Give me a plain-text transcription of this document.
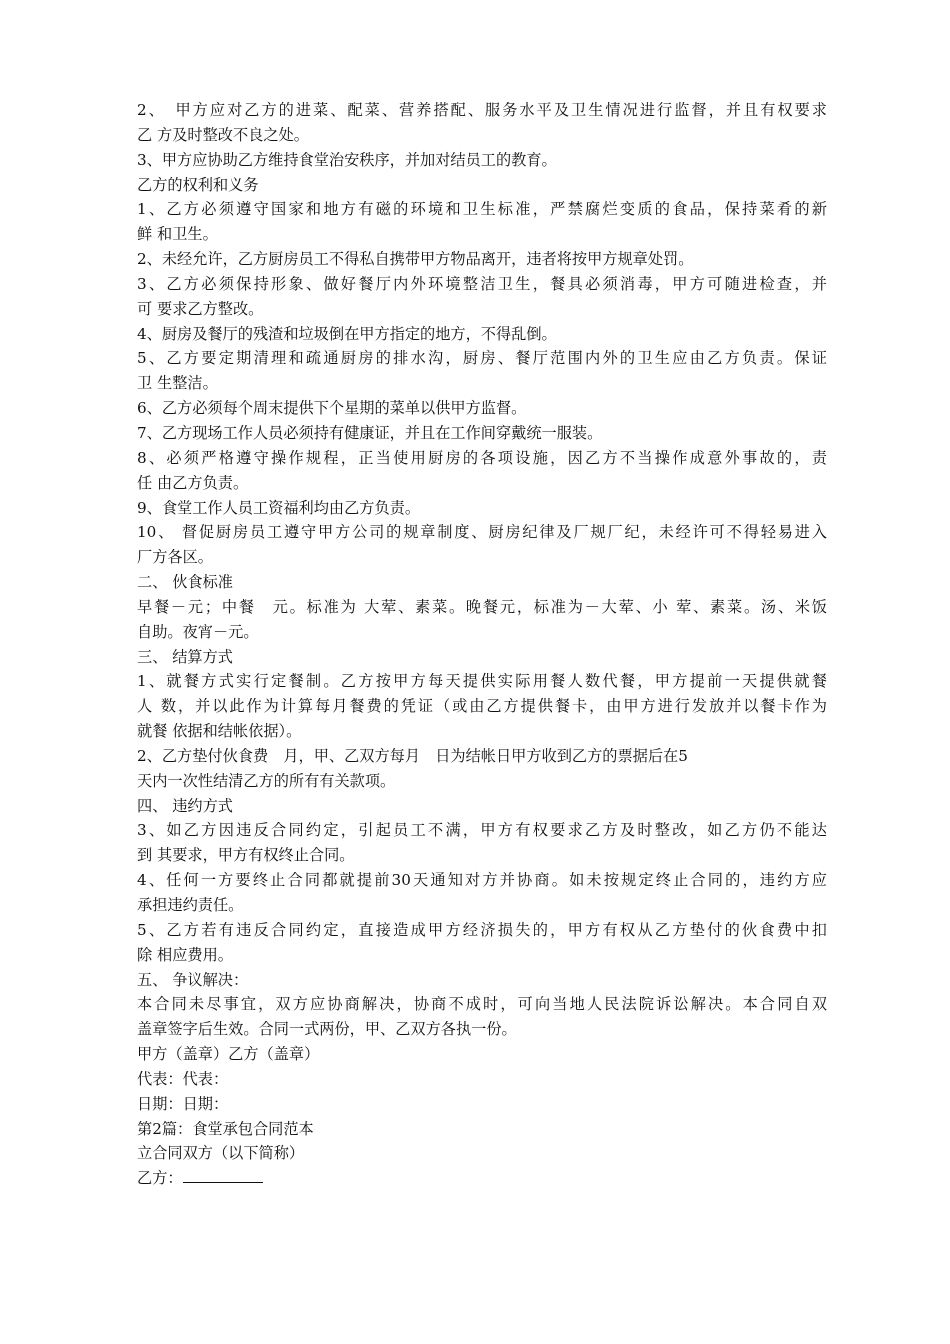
2、　甲方应对乙方的进菜、配菜、营养搭配、服务水平及卫生情况进行监督，并且有权要求
乙 方及时整改不良之处。
3、甲方应协助乙方维持食堂治安秩序，并加对结员工的教育。
乙方的权利和义务
1、乙方必须遵守国家和地方有磁的环境和卫生标准，严禁腐烂变质的食品，保持菜肴的新
鲜 和卫生。
2、未经允许，乙方厨房员工不得私自携带甲方物品离开，违者将按甲方规章处罚。
3、乙方必须保持形象、做好餐厅内外环境整洁卫生，餐具必须消毒，甲方可随进检查，并
可 要求乙方整改。
4、厨房及餐厅的残渣和垃圾倒在甲方指定的地方，不得乱倒。
5、乙方要定期清理和疏通厨房的排水沟，厨房、餐厅范围内外的卫生应由乙方负责。保证
卫 生整洁。
6、乙方必须每个周末提供下个星期的菜单以供甲方监督。
7、乙方现场工作人员必须持有健康证，并且在工作间穿戴统一服装。
8、必须严格遵守操作规程，正当使用厨房的各项设施，因乙方不当操作成意外事故的，责
任 由乙方负责。
9、食堂工作人员工资福利均由乙方负责。
10、 督促厨房员工遵守甲方公司的规章制度、厨房纪律及厂规厂纪，未经许可不得轻易进入
厂方各区。
二、 伙食标准
早餐－元；中餐　元。标准为 大荤、素菜。晚餐元，标准为－大荤、小 荤、素菜。汤、米饭
自助。夜宵－元。
三、 结算方式
1、就餐方式实行定餐制。乙方按甲方每天提供实际用餐人数代餐，甲方提前一天提供就餐
人 数，并以此作为计算每月餐费的凭证（或由乙方提供餐卡，由甲方进行发放并以餐卡作为
就餐 依据和结帐依据）。
2、乙方垫付伙食费　月，甲、乙双方每月　日为结帐日甲方收到乙方的票据后在5
天内一次性结清乙方的所有有关款项。
四、 违约方式
3、如乙方因违反合同约定，引起员工不满，甲方有权要求乙方及时整改，如乙方仍不能达
到 其要求，甲方有权终止合同。
4、任何一方要终止合同都就提前30天通知对方并协商。如未按规定终止合同的，违约方应
承担违约责任。
5、乙方若有违反合同约定，直接造成甲方经济损失的，甲方有权从乙方垫付的伙食费中扣
除 相应费用。
五、 争议解决：
本合同未尽事宜，双方应协商解决，协商不成时，可向当地人民法院诉讼解决。本合同自双
盖章签字后生效。合同一式两份，甲、乙双方各执一份。
甲方（盖章）乙方（盖章）
代表：代表：
日期：日期：
第2篇：食堂承包合同范本
立合同双方（以下简称）
乙方：
